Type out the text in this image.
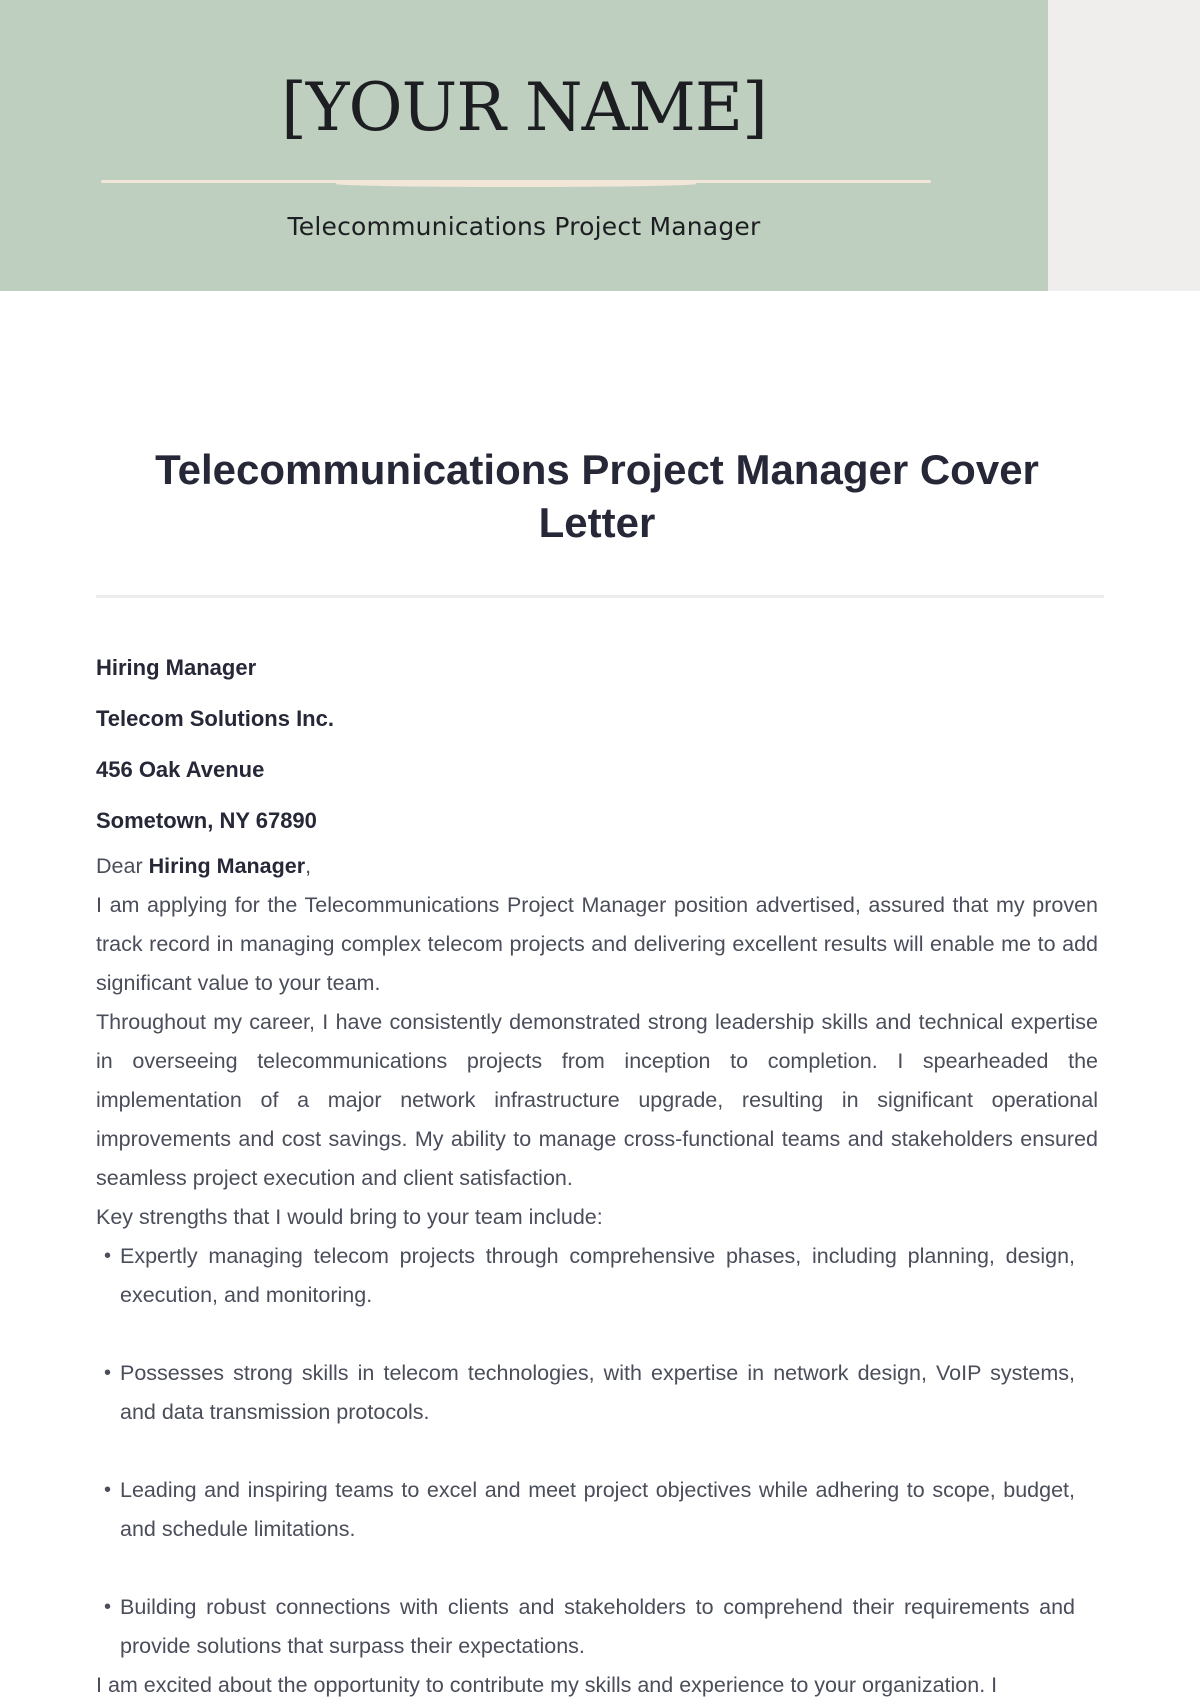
[YOUR NAME]
Telecommunications Project Manager
Telecommunications Project Manager Cover Letter

Hiring Manager

Telecom Solutions Inc.

456 Oak Avenue

Sometown, NY 67890

Dear Hiring Manager,

I am applying for the Telecommunications Project Manager position advertised, assured that my proven track record in managing complex telecom projects and delivering excellent results will enable me to add significant value to your team.

Throughout my career, I have consistently demonstrated strong leadership skills and technical expertise in overseeing telecommunications projects from inception to completion. I spearheaded the implementation of a major network infrastructure upgrade, resulting in significant operational improvements and cost savings. My ability to manage cross-functional teams and stakeholders ensured seamless project execution and client satisfaction.

Key strengths that I would bring to your team include:

• Expertly managing telecom projects through comprehensive phases, including planning, design, execution, and monitoring.
• Possesses strong skills in telecom technologies, with expertise in network design, VoIP systems, and data transmission protocols.
• Leading and inspiring teams to excel and meet project objectives while adhering to scope, budget, and schedule limitations.
• Building robust connections with clients and stakeholders to comprehend their requirements and provide solutions that surpass their expectations.

I am excited about the opportunity to contribute my skills and experience to your organization. I
